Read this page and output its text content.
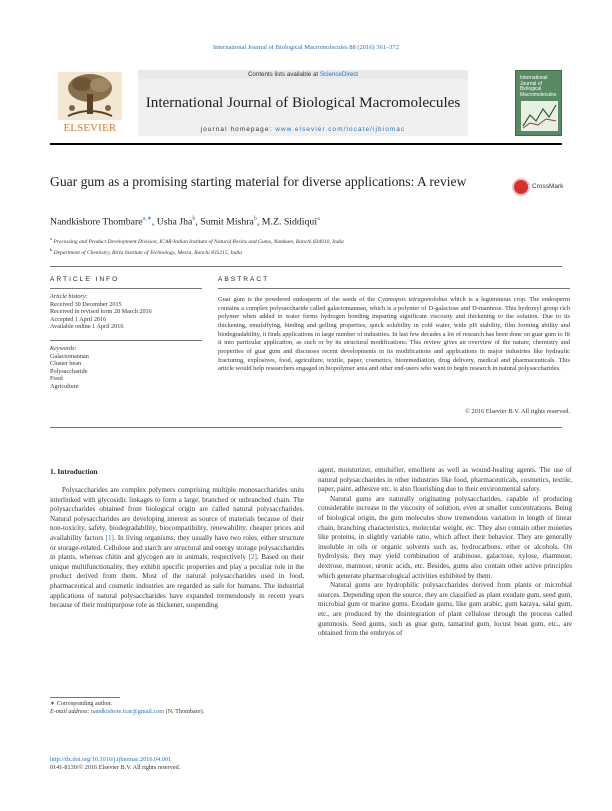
International Journal of Biological Macromolecules 88 (2016) 361–372
ELSEVIER
Contents lists available at ScienceDirect
International Journal of Biological Macromolecules
journal homepage: www.elsevier.com/locate/ijbiomac
International Journal of Biological Macromolecules
Guar gum as a promising starting material for diverse applications: A review	CrossMark
Nandkishore Thombare$^{a,∗}$, Usha Jha$^b$, Sumit Mishra$^b$, M.Z. Siddiqui$^a$
$^a$ Processing and Product Development Division, ICAR-Indian Institute of Natural Resins and Gums, Namkum, Ranchi 834010, India
$^b$ Department of Chemistry, Birla Institute of Technology, Mesra, Ranchi 835215, India
ARTICLE INFO	ABSTRACT
Article history:
Received 30 December 2015
Received in revised form 28 March 2016
Accepted 1 April 2016
Available online 1 April 2016
Keywords:
Galactomannan
Cluster bean
Polysaccharide
Food
Agriculture
Guar gum is the powdered endosperm of the seeds of the Cyamopsis tetragonolobus which is a leguminous crop. The endosperm contains a complex polysaccharide called galactomannan, which is a polymer of D-galactose and D-mannose. This hydroxyl group rich polymer when added to water forms hydrogen bonding imparting significant viscosity and thickening to the solution. Due to its thickening, emulsifying, binding and gelling properties, quick solubility in cold water, wide pH stability, film forming ability and biodegradability, it finds applications in large number of industries. In last few decades a lot of research has been done on guar gum to fit it into particular application, as such or by its structural modifications. This review gives an overview of the nature, chemistry and properties of guar gum and discusses recent developments in its modifications and applications in major industries like hydraulic fracturing, explosives, food, agriculture, textile, paper, cosmetics, bioremediation, drug delivery, medical and pharmaceuticals. This article would help researchers engaged in biopolymer area and other end-users who want to begin research in natural polysaccharides.
© 2016 Elsevier B.V. All rights reserved.
1. Introduction

Polysaccharides are complex polymers comprising multiple monosaccharides units interlinked with glycosidic linkages to form a large, branched or unbranched chain. The polysaccharides obtained from biological origin are called natural polysaccharides. Natural polysaccharides are developing interest as source of materials because of their non-toxicity, safety, biodegradability, biocompatibility, renewability, cheaper prices and availability factors [1]. In living organisms, they usually have two roles, either structure or storage-related. Cellulose and starch are structural and energy storage polysaccharides in plants, whereas chitin and glycogen are in animals, respectively [2]. Based on their unique multifunctionality, they exhibit specific properties and play a peculiar role in the product derived from them. Most of the natural polysaccharides used in food, pharmaceutical and cosmetic industries are regarded as safe for humans. The industrial applications of natural polysaccharides have expanded tremendously in recent years because of their multipurpose role as thickener, suspending

agent, moisturizer, emulsifier, emollient as well as wound-healing agents. The use of natural polysaccharides in other industries like food, pharmaceuticals, cosmetics, textile, paper, paint, adhesive etc. is also flourishing due to their environmental safety.

Natural gums are naturally originating polysaccharides, capable of producing considerable increase in the viscosity of solution, even at smaller concentrations. Being of biological origin, the gum molecules show tremendous variation in length of linear chain, branching characteristics, molecular weight, etc. They also contain other moieties like proteins, in slightly variable ratio, which affect their behavior. They are generally insoluble in oils or organic solvents such as, hydrocarbons, ether or alcohols. On hydrolysis, they may yield combination of arabinose, galactose, xylose, rhamnose, dextrose, mannose, uronic acids, etc. Besides, gums also contain other active principles which generate pharmacological activities exhibited by them.

Natural gums are hydrophilic polysaccharides derived from plants or microbial sources. Depending upon the source, they are classified as plant exudate gum, seed gum, microbial gum or marine gums. Exudate gums, like gum arabic, gum karaya, salai gum, etc., are produced by the disintegration of plant cellulose through the process called gummosis. Seed gums, such as guar gum, tamarind gum, locust bean gum, etc., are obtained from the embryos of

∗ Corresponding author.
E-mail address: nandkishore.icar@gmail.com (N. Thombare).
http://dx.doi.org/10.1016/j.ijbiomac.2016.04.001
0141-8130/© 2016 Elsevier B.V. All rights reserved.
